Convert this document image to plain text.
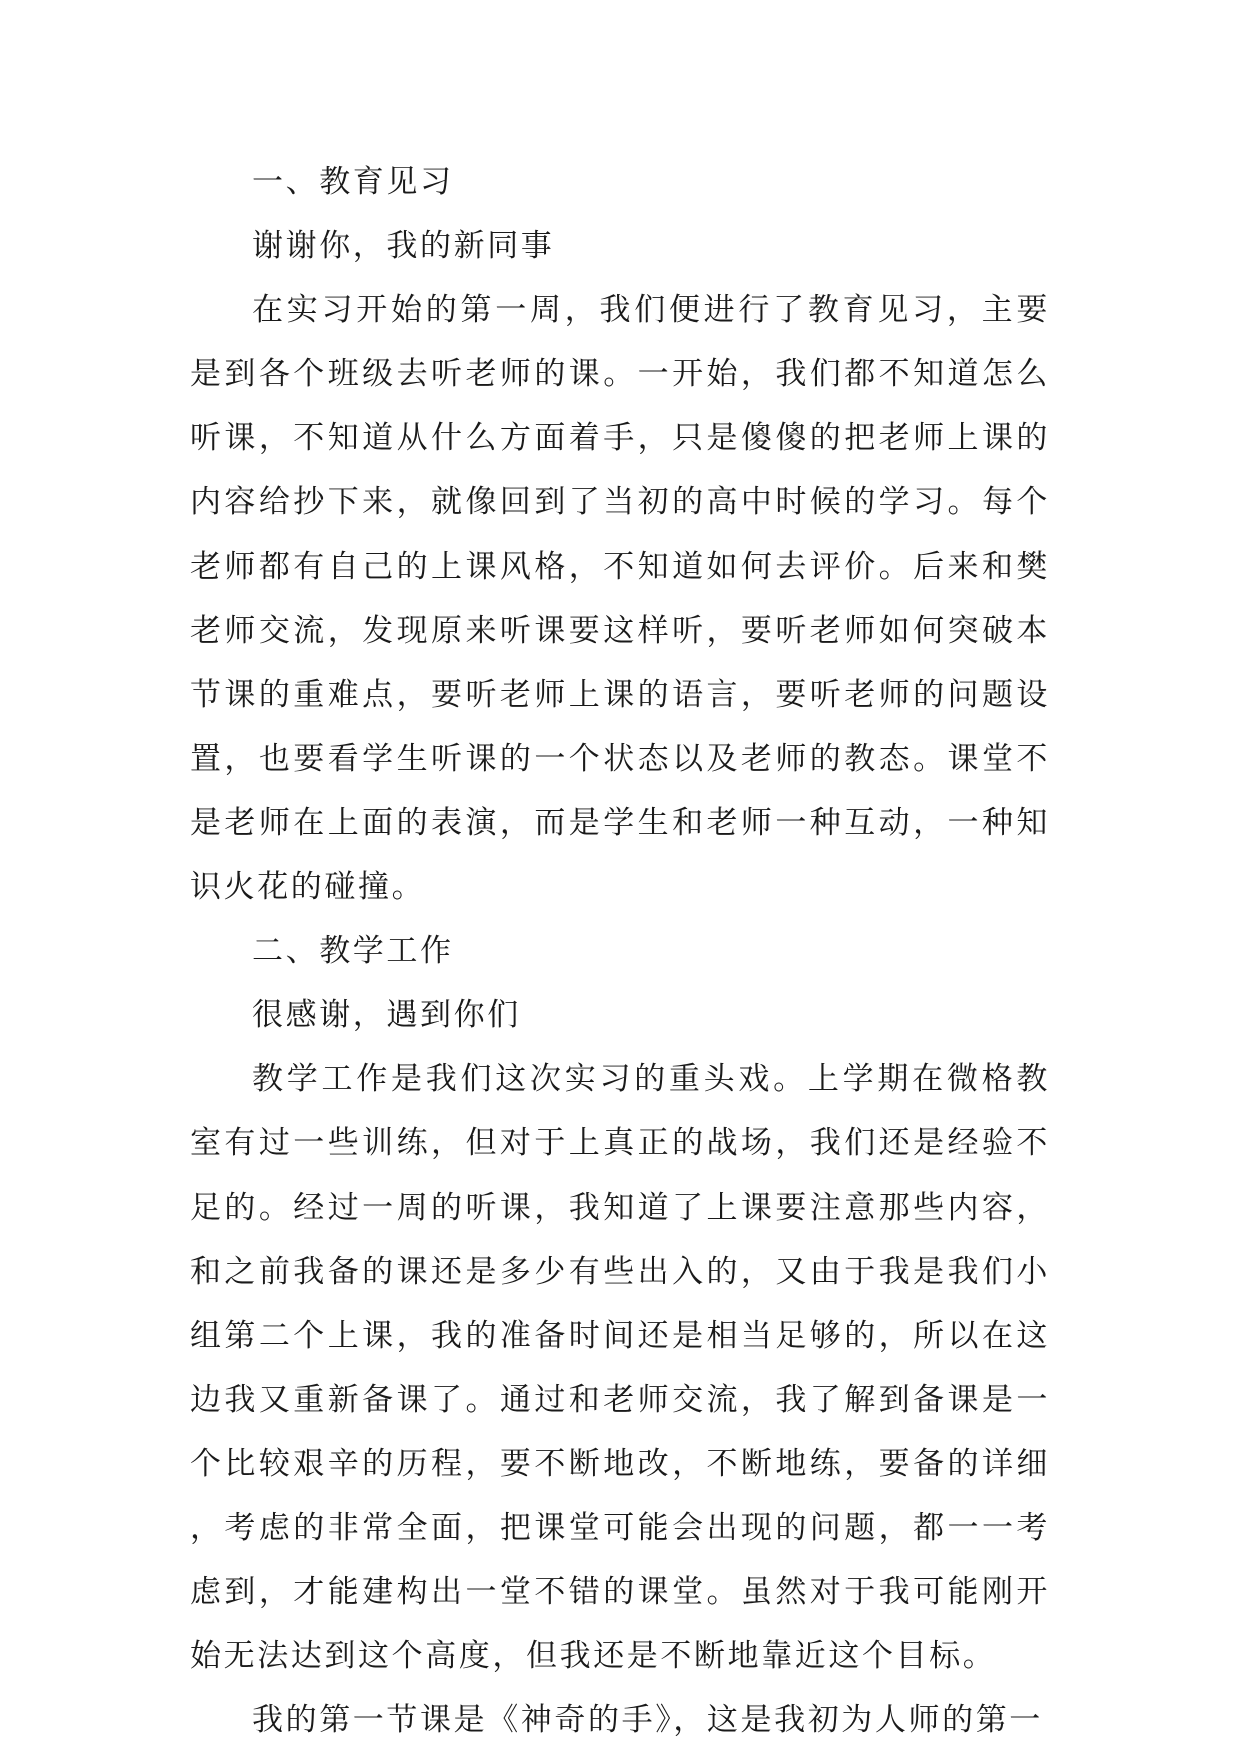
一、教育见习

谢谢你，我的新同事

在实习开始的第一周，我们便进行了教育见习，主要是到各个班级去听老师的课。一开始，我们都不知道怎么听课，不知道从什么方面着手，只是傻傻的把老师上课的内容给抄下来，就像回到了当初的高中时候的学习。每个老师都有自己的上课风格，不知道如何去评价。后来和樊老师交流，发现原来听课要这样听，要听老师如何突破本节课的重难点，要听老师上课的语言，要听老师的问题设置，也要看学生听课的一个状态以及老师的教态。课堂不是老师在上面的表演，而是学生和老师一种互动，一种知识火花的碰撞。

二、教学工作

很感谢，遇到你们

教学工作是我们这次实习的重头戏。上学期在微格教室有过一些训练，但对于上真正的战场，我们还是经验不足的。经过一周的听课，我知道了上课要注意那些内容，和之前我备的课还是多少有些出入的，又由于我是我们小组第二个上课，我的准备时间还是相当足够的，所以在这边我又重新备课了。通过和老师交流，我了解到备课是一个比较艰辛的历程，要不断地改，不断地练，要备的详细，考虑的非常全面，把课堂可能会出现的问题，都一一考虑到，才能建构出一堂不错的课堂。虽然对于我可能刚开始无法达到这个高度，但我还是不断地靠近这个目标。

我的第一节课是《神奇的手》，这是我初为人师的第一
